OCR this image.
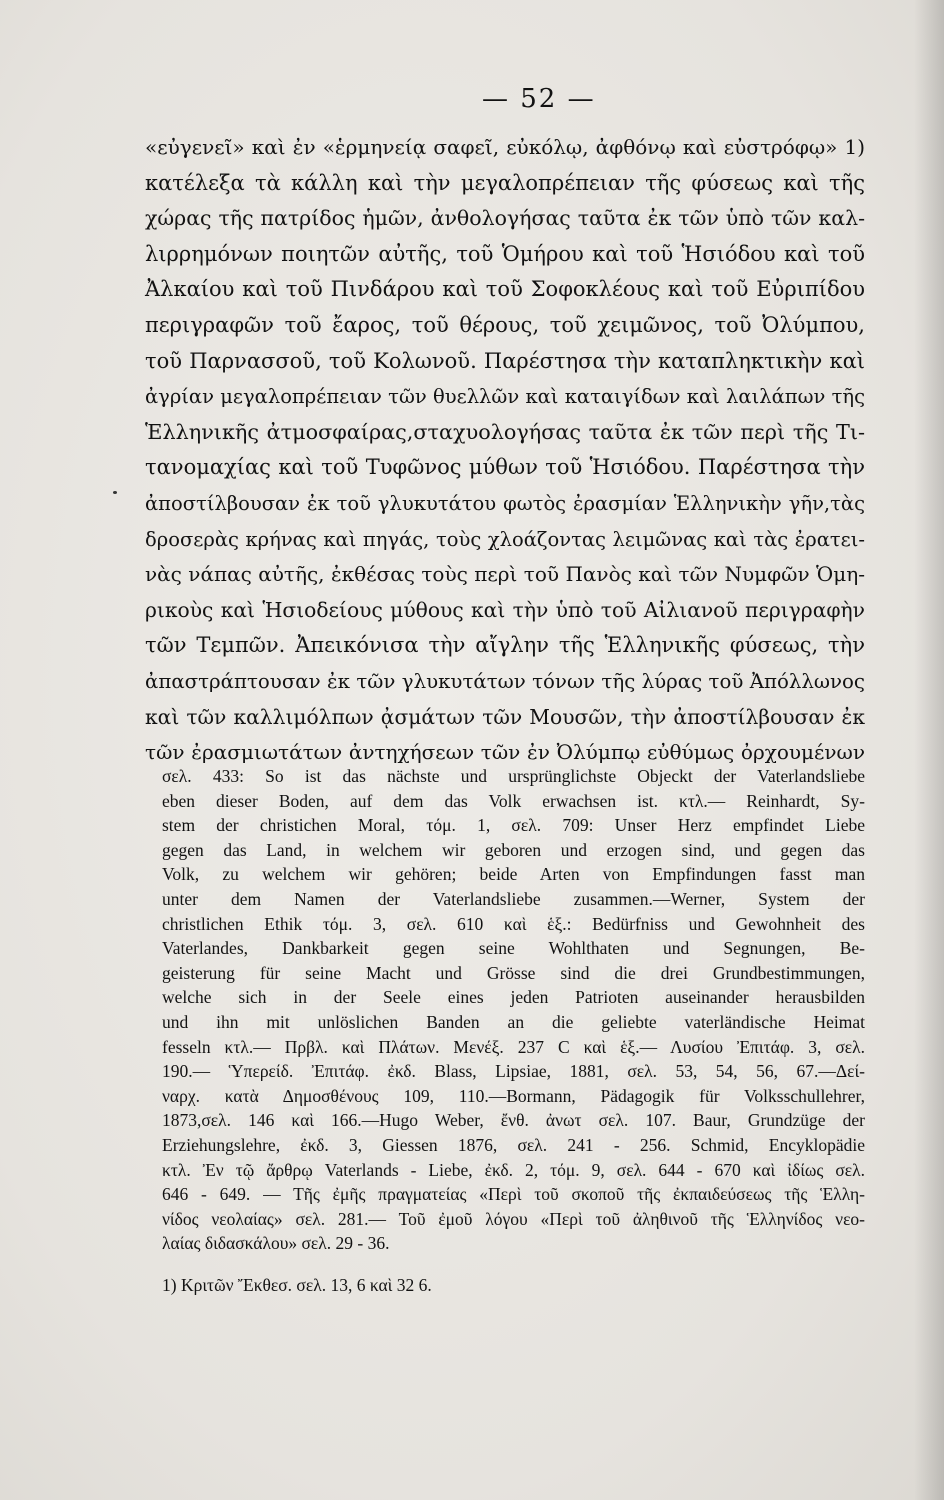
— 52 —
«εὐγενεῖ» καὶ ἐν «ἑρμηνείᾳ σαφεῖ, εὐκόλῳ, ἀφθόνῳ καὶ εὐστρόφῳ» 1)
κατέλεξα τὰ κάλλη καὶ τὴν μεγαλοπρέπειαν τῆς φύσεως καὶ τῆς
χώρας τῆς πατρίδος ἡμῶν, ἀνθολογήσας ταῦτα ἐκ τῶν ὑπὸ τῶν καλ-
λιρρημόνων ποιητῶν αὐτῆς, τοῦ Ὁμήρου καὶ τοῦ Ἡσιόδου καὶ τοῦ
Ἀλκαίου καὶ τοῦ Πινδάρου καὶ τοῦ Σοφοκλέους καὶ τοῦ Εὐριπίδου
περιγραφῶν τοῦ ἔαρος, τοῦ θέρους, τοῦ χειμῶνος, τοῦ Ὀλύμπου,
τοῦ Παρνασσοῦ, τοῦ Κολωνοῦ. Παρέστησα τὴν καταπληκτικὴν καὶ
ἀγρίαν μεγαλοπρέπειαν τῶν θυελλῶν καὶ καταιγίδων καὶ λαιλάπων τῆς
Ἑλληνικῆς ἀτμοσφαίρας,σταχυολογήσας ταῦτα ἐκ τῶν περὶ τῆς Τι-
τανομαχίας καὶ τοῦ Τυφῶνος μύθων τοῦ Ἡσιόδου. Παρέστησα τὴν
ἀποστίλβουσαν ἐκ τοῦ γλυκυτάτου φωτὸς ἐρασμίαν Ἑλληνικὴν γῆν,τὰς
δροσερὰς κρήνας καὶ πηγάς, τοὺς χλοάζοντας λειμῶνας καὶ τὰς ἐρατει-
νὰς νάπας αὐτῆς, ἐκθέσας τοὺς περὶ τοῦ Πανὸς καὶ τῶν Νυμφῶν Ὁμη-
ρικοὺς καὶ Ἡσιοδείους μύθους καὶ τὴν ὑπὸ τοῦ Αἰλιανοῦ περιγραφὴν
τῶν Τεμπῶν. Ἀπεικόνισα τὴν αἴγλην τῆς Ἑλληνικῆς φύσεως, τὴν
ἀπαστράπτουσαν ἐκ τῶν γλυκυτάτων τόνων τῆς λύρας τοῦ Ἀπόλλωνος
καὶ τῶν καλλιμόλπων ᾀσμάτων τῶν Μουσῶν, τὴν ἀποστίλβουσαν ἐκ
τῶν ἐρασμιωτάτων ἀντηχήσεων τῶν ἐν Ὀλύμπῳ εὐθύμως ὀρχουμένων
σελ. 433: So ist das nächste und ursprünglichste Objeckt der Vaterlandsliebe
eben dieser Boden, auf dem das Volk erwachsen ist. κτλ.— Reinhardt, Sy-
stem der christichen Moral, τόμ. 1, σελ. 709: Unser Herz empfindet Liebe
gegen das Land, in welchem wir geboren und erzogen sind, und gegen das
Volk, zu welchem wir gehören; beide Arten von Empfindungen fasst man
unter dem Namen der Vaterlandsliebe zusammen.—Werner, System der
christlichen Ethik τόμ. 3, σελ. 610 καὶ ἑξ.: Bedürfniss und Gewohnheit des
Vaterlandes, Dankbarkeit gegen seine Wohlthaten und Segnungen, Be-
geisterung für seine Macht und Grösse sind die drei Grundbestimmungen,
welche sich in der Seele eines jeden Patrioten auseinander herausbilden
und ihn mit unlöslichen Banden an die geliebte vaterländische Heimat
fesseln κτλ.— Πρβλ. καὶ Πλάτων. Μενέξ. 237 C καὶ ἑξ.— Λυσίου Ἐπιτάφ. 3, σελ.
190.— Ὑπερείδ. Ἐπιτάφ. ἐκδ. Blass, Lipsiae, 1881, σελ. 53, 54, 56, 67.—Δεί-
ναρχ. κατὰ Δημοσθένους 109, 110.—Bormann, Pädagogik für Volksschullehrer,
1873,σελ. 146 καὶ 166.—Hugo Weber, ἔνθ. ἀνωτ σελ. 107. Baur, Grundzüge der
Erziehungslehre, ἐκδ. 3, Giessen 1876, σελ. 241 - 256. Schmid, Encyklopädie
κτλ. Ἐν τῷ ἄρθρῳ Vaterlands - Liebe, ἐκδ. 2, τόμ. 9, σελ. 644 - 670 καὶ ἰδίως σελ.
646 - 649. — Τῆς ἐμῆς πραγματείας «Περὶ τοῦ σκοποῦ τῆς ἐκπαιδεύσεως τῆς Ἑλλη-
νίδος νεολαίας» σελ. 281.— Τοῦ ἐμοῦ λόγου «Περὶ τοῦ ἀληθινοῦ τῆς Ἑλληνίδος νεο-
λαίας διδασκάλου» σελ. 29 - 36.
1) Κριτῶν Ἔκθεσ. σελ. 13, 6 καὶ 32 6.
